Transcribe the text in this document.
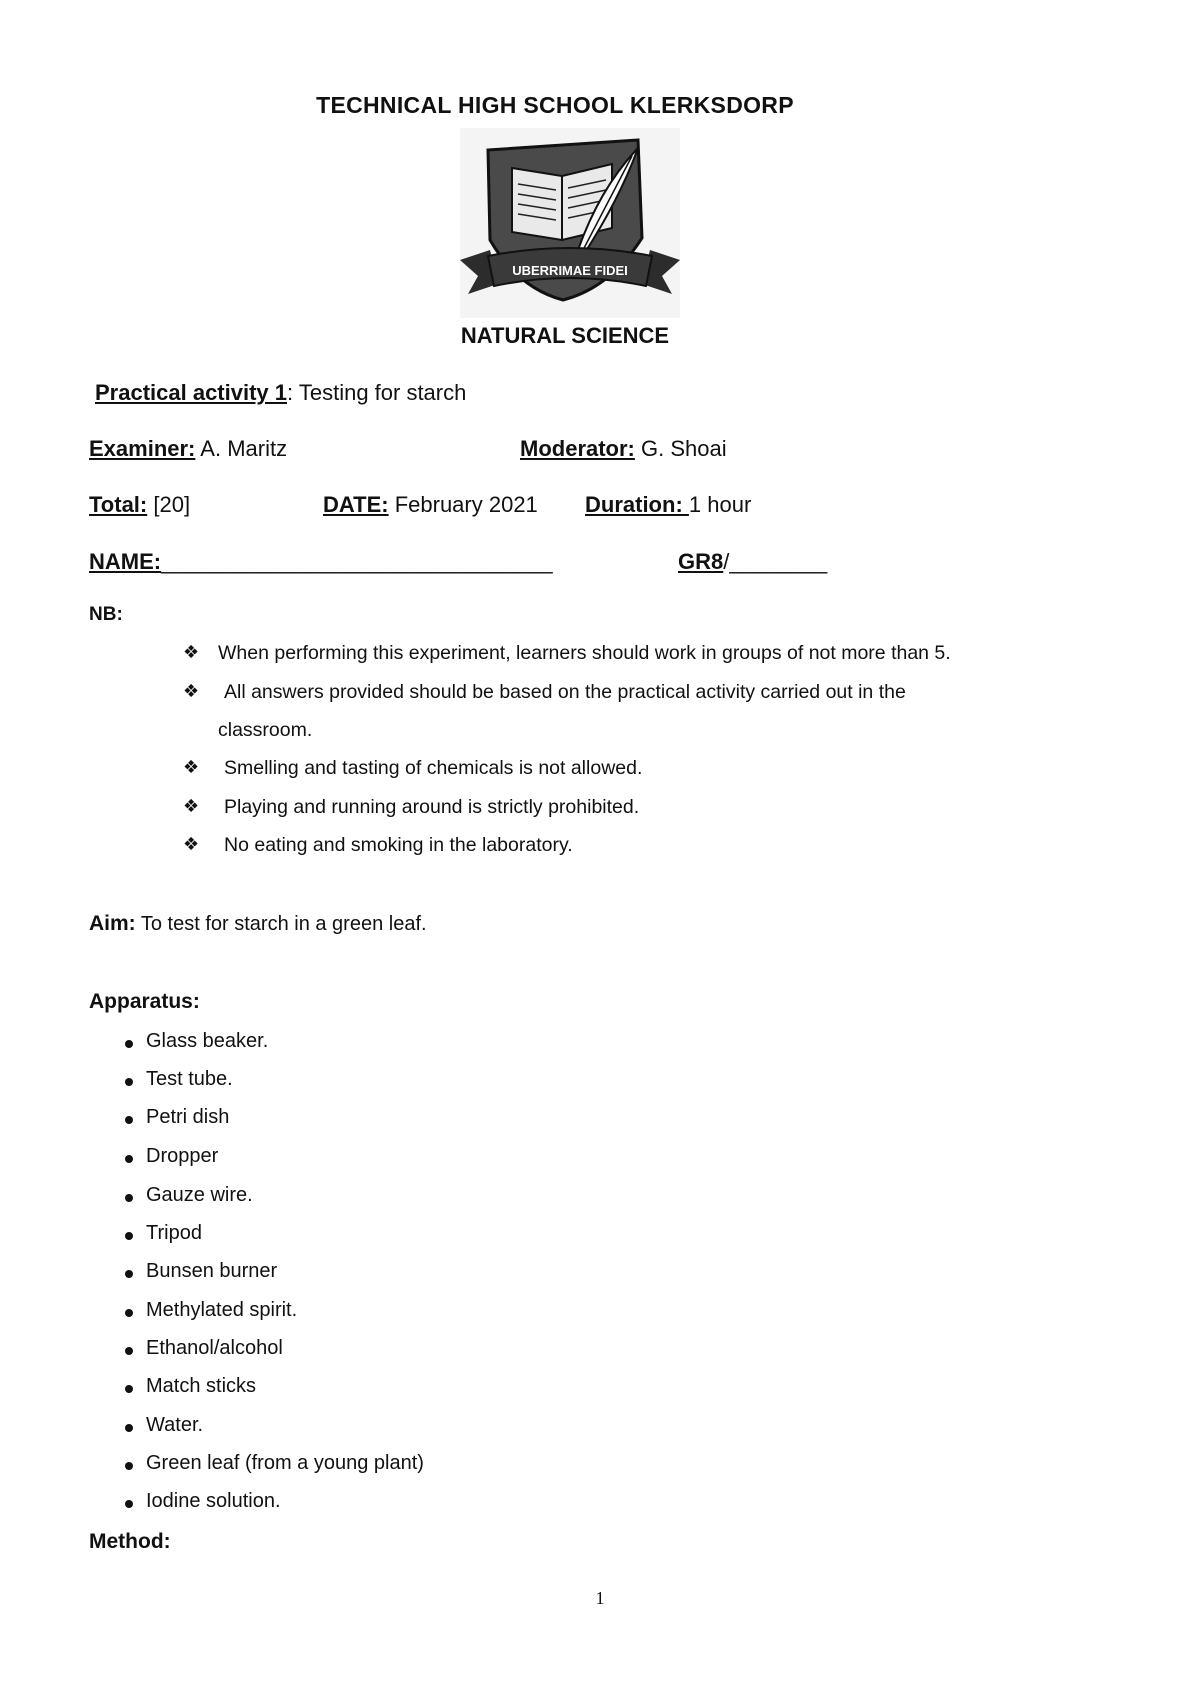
TECHNICAL HIGH SCHOOL KLERKSDORP
UBERRIMAE FIDEI
NATURAL SCIENCE
Practical activity 1: Testing for starch
Examiner: A. Maritz	Moderator: G. Shoai
Total: [20]	DATE: February 2021 Duration: 1 hour
NAME:________________________________	GR8/________
NB:
❖ When performing this experiment, learners should work in groups of not more than 5.
❖ All answers provided should be based on the practical activity carried out in the
classroom.
❖ Smelling and tasting of chemicals is not allowed.
❖ Playing and running around is strictly prohibited.
❖ No eating and smoking in the laboratory.
Aim: To test for starch in a green leaf.
Apparatus:
Glass beaker.
Test tube.
Petri dish
Dropper
Gauze wire.
Tripod
Bunsen burner
Methylated spirit.
Ethanol/alcohol
Match sticks
Water.
Green leaf (from a young plant)
Iodine solution.
Method:
1
